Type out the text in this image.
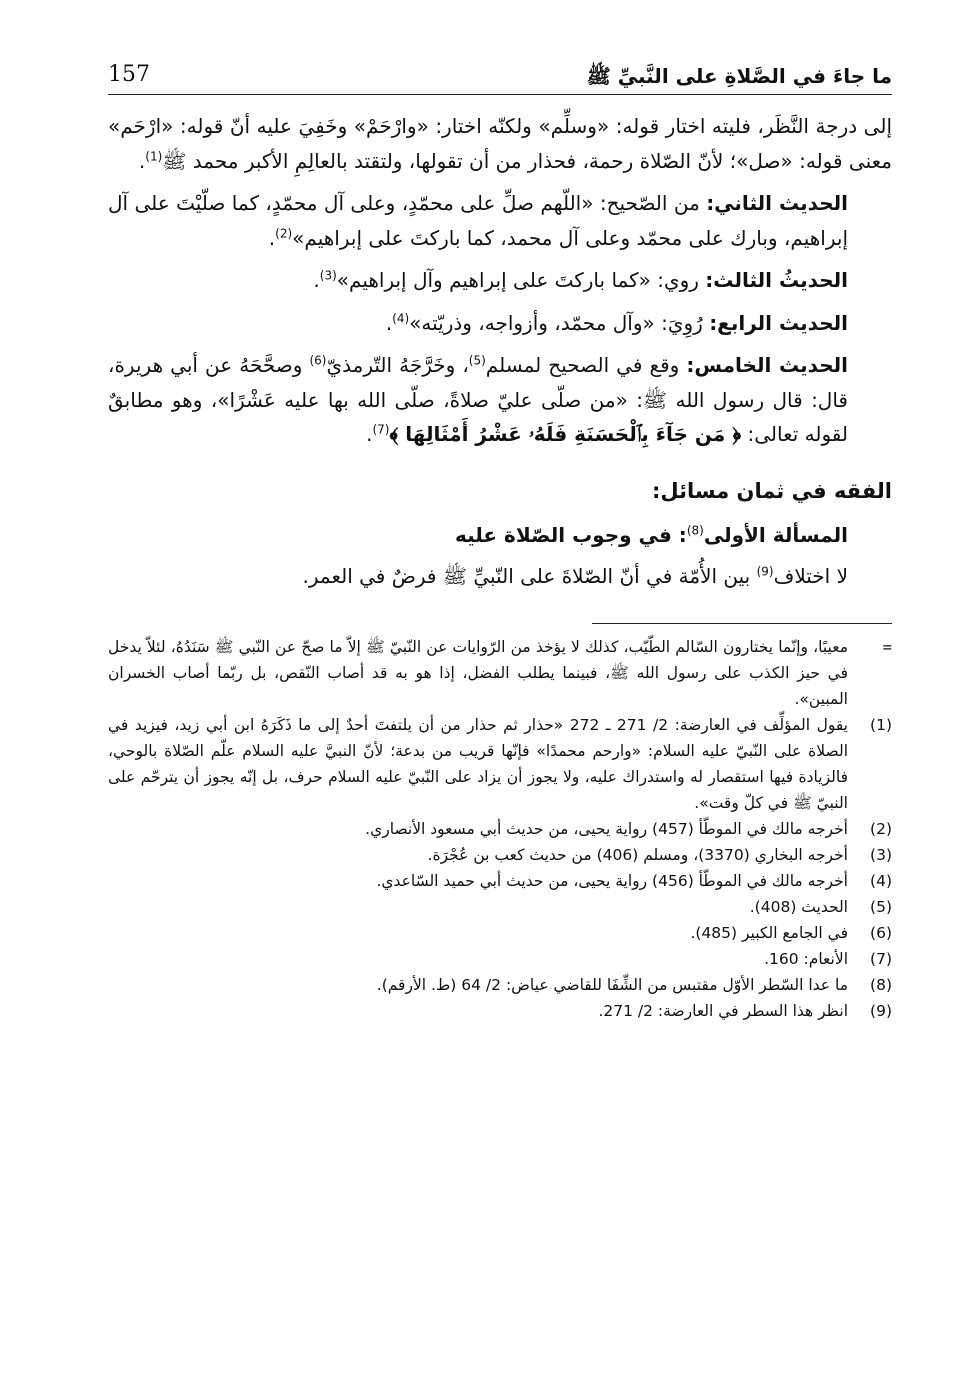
ما جاءَ في الصَّلاةِ على النَّبيِّ ﷺ
157

إلى درجة النَّظَر، فليته اختار قوله: «وسلِّم» ولكنّه اختار: «وارْحَمْ» وخَفِيَ عليه أنّ قوله: «ارْحَم» معنى قوله: «صل»؛ لأنّ الصّلاة رحمة، فحذار من أن تقولها، ولتقتد بالعالِمِ الأكبر محمد ﷺ$^{(1)}$.

الحديث الثاني: من الصّحيح: «اللّهم صلِّ على محمّدٍ، وعلى آل محمّدٍ، كما صلّيْتَ على آل إبراهيم، وبارك على محمّد وعلى آل محمد، كما باركتَ على إبراهيم»$^{(2)}$.

الحديثُ الثالث: روي: «كما باركتَ على إبراهيم وآل إبراهيم»$^{(3)}$.

الحديث الرابع: رُوِيَ: «وآل محمّد، وأزواجه، وذريّته»$^{(4)}$.

الحديث الخامس: وقع في الصحيح لمسلم$^{(5)}$، وخَرَّجَهُ التّرمذيّ$^{(6)}$ وصحَّحَهُ عن أبي هريرة، قال: قال رسول الله ﷺ: «من صلّى عليّ صلاةً، صلّى الله بها عليه عَشْرًا»، وهو مطابقٌ لقوله تعالى: ﴿ مَن جَآءَ بِٱلْحَسَنَةِ فَلَهُۥ عَشْرُ أَمْثَالِهَا ﴾$^{(7)}$.

الفقه في ثمان مسائل:

المسألة الأولى$^{(8)}$: في وجوب الصّلاة عليه

لا اختلاف$^{(9)}$ بين الأُمّة في أنّ الصّلاةَ على النّبيِّ ﷺ فرضٌ في العمر.

=
معيبًا، وإنّما يختارون السّالم الطّيّب، كذلك لا يؤخذ من الرّوايات عن النّبيّ ﷺ إلاّ ما صحّ عن النّبي ﷺ سَنَدُهُ، لئلاّ يدخل في حيز الكذب على رسول الله ﷺ، فبينما يطلب الفضل، إذا هو به قد أصاب النّقص، بل ربّما أصاب الخسران المبين».
(1)
يقول المؤلِّف في العارضة: 2/ 271 ـ 272 «حذار ثم حذار من أن يلتفتَ أحدٌ إلى ما ذَكَرَهُ ابن أبي زيد، فيزيد في الصلاة على النّبيّ عليه السلام: «وارحم محمدًا» فإنّها قريب من بدعة؛ لأنّ النبيَّ عليه السلام علّم الصّلاة بالوحي، فالزيادة فيها استقصار له واستدراك عليه، ولا يجوز أن يزاد على النّبيّ عليه السلام حرف، بل إنّه يجوز أن يترحّم على النبيّ ﷺ في كلّ وقت».
(2)
أخرجه مالك في الموطّأ (457) رواية يحيى، من حديث أبي مسعود الأنصاري.
(3)
أخرجه البخاري (3370)، ومسلم (406) من حديث كعب بن عُجْرَة.
(4)
أخرجه مالك في الموطّأ (456) رواية يحيى، من حديث أبي حميد السّاعدي.
(5)
الحديث (408).
(6)
في الجامع الكبير (485).
(7)
الأنعام: 160.
(8)
ما عدا السّطر الأوّل مقتبس من الشِّفَا للقاضي عياض: 2/ 64 (ط. الأرقم).
(9)
انظر هذا السطر في العارضة: 2/ 271.
